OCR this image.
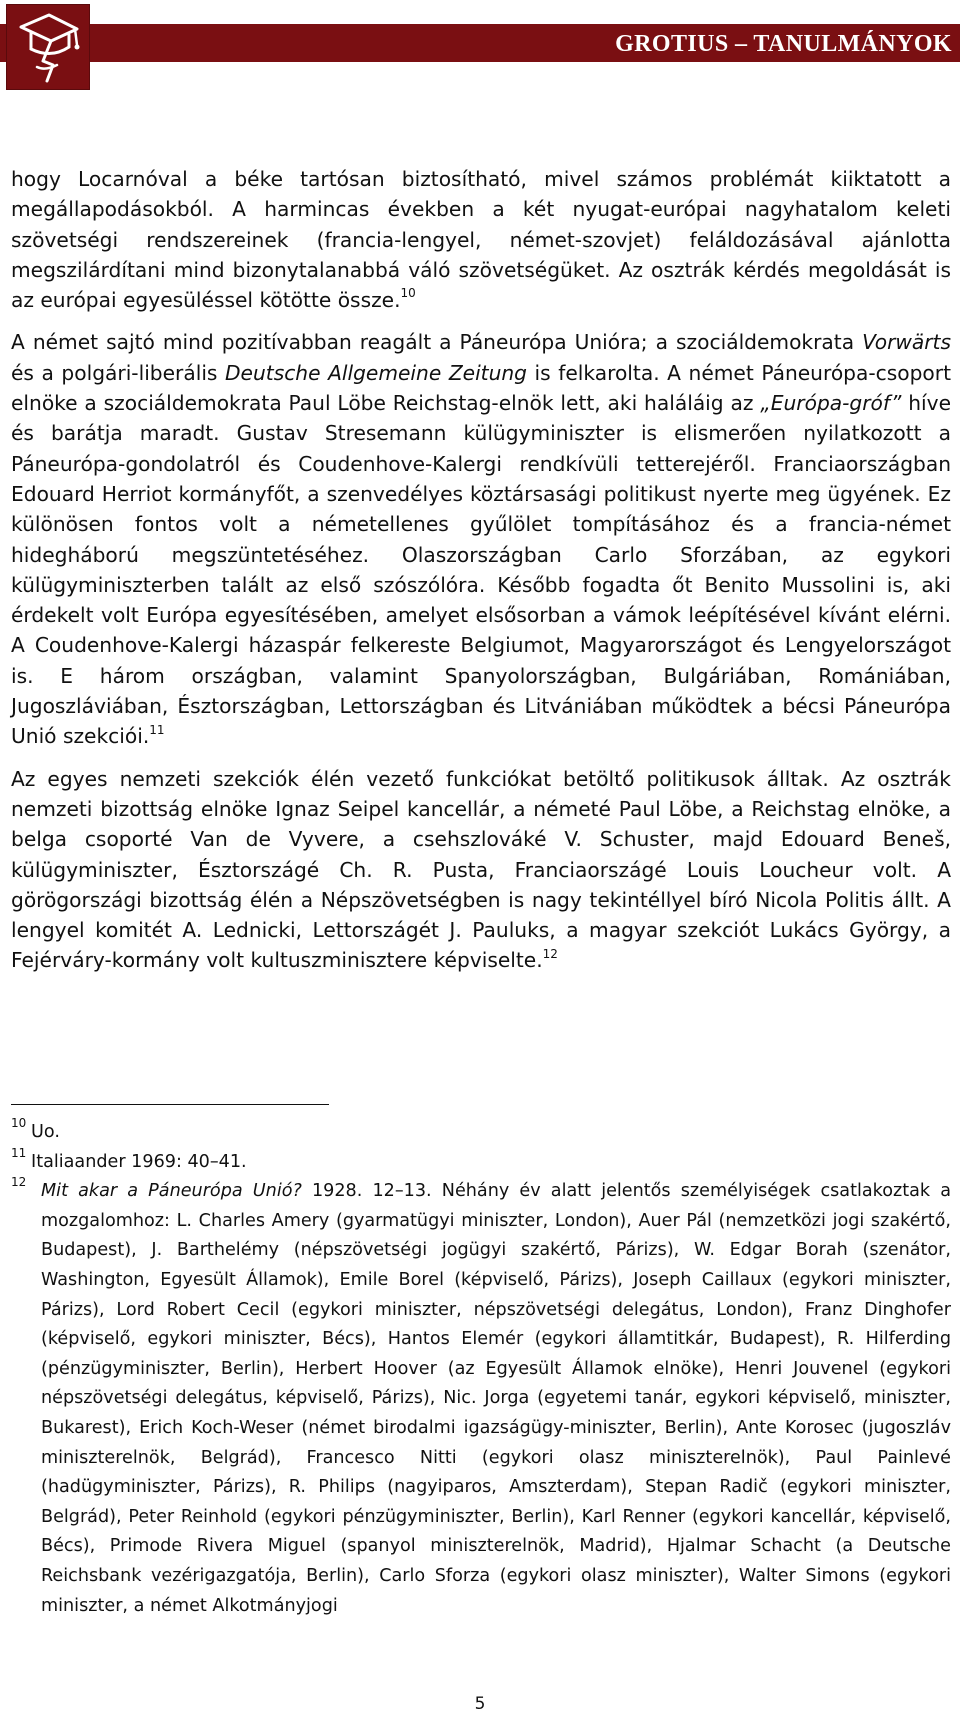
GROTIUS – TANULMÁNYOK

hogy Locarnóval a béke tartósan biztosítható, mivel számos problémát kiiktatott a megállapodásokból. A harmincas években a két nyugat-európai nagyhatalom keleti szövetségi rendszereinek (francia-lengyel, német-szovjet) feláldozásával ajánlotta megszilárdítani mind bizonytalanabbá váló szövetségüket. Az osztrák kérdés megoldását is az európai egyesüléssel kötötte össze.$^{10}$

A német sajtó mind pozitívabban reagált a Páneurópa Unióra; a szociáldemokrata Vorwärts és a polgári-liberális Deutsche Allgemeine Zeitung is felkarolta. A német Páneurópa-csoport elnöke a szociáldemokrata Paul Löbe Reichstag-elnök lett, aki haláláig az „Európa-gróf” híve és barátja maradt. Gustav Stresemann külügyminiszter is elismerően nyilatkozott a Páneurópa-gondolatról és Coudenhove-Kalergi rendkívüli tetterejéről. Franciaországban Edouard Herriot kormányfőt, a szenvedélyes köztársasági politikust nyerte meg ügyének. Ez különösen fontos volt a németellenes gyűlölet tompításához és a francia-német hidegháború megszüntetéséhez. Olaszországban Carlo Sforzában, az egykori külügyminiszterben talált az első szószólóra. Később fogadta őt Benito Mussolini is, aki érdekelt volt Európa egyesítésében, amelyet elsősorban a vámok leépítésével kívánt elérni. A Coudenhove-Kalergi házaspár felkereste Belgiumot, Magyarországot és Lengyelországot is. E három országban, valamint Spanyolországban, Bulgáriában, Romániában, Jugoszláviában, Észtországban, Lettországban és Litvániában működtek a bécsi Páneurópa Unió szekciói.$^{11}$

Az egyes nemzeti szekciók élén vezető funkciókat betöltő politikusok álltak. Az osztrák nemzeti bizottság elnöke Ignaz Seipel kancellár, a németé Paul Löbe, a Reichstag elnöke, a belga csoporté Van de Vyvere, a csehszlováké V. Schuster, majd Edouard Beneš, külügyminiszter, Észtországé Ch. R. Pusta, Franciaországé Louis Loucheur volt. A görögországi bizottság élén a Népszövetségben is nagy tekintéllyel bíró Nicola Politis állt. A lengyel komitét A. Lednicki, Lettországét J. Pauluks, a magyar szekciót Lukács György, a Fejérváry-kormány volt kultuszminisztere képviselte.$^{12}$

10 Uo.
11 Italiaander 1969: 40–41.
12 Mit akar a Páneurópa Unió? 1928. 12–13. Néhány év alatt jelentős személyiségek csatlakoztak a mozgalomhoz: L. Charles Amery (gyarmatügyi miniszter, London), Auer Pál (nemzetközi jogi szakértő, Budapest), J. Barthelémy (népszövetségi jogügyi szakértő, Párizs), W. Edgar Borah (szenátor, Washington, Egyesült Államok), Emile Borel (képviselő, Párizs), Joseph Caillaux (egykori miniszter, Párizs), Lord Robert Cecil (egykori miniszter, népszövetségi delegátus, London), Franz Dinghofer (képviselő, egykori miniszter, Bécs), Hantos Elemér (egykori államtitkár, Budapest), R. Hilferding (pénzügyminiszter, Berlin), Herbert Hoover (az Egyesült Államok elnöke), Henri Jouvenel (egykori népszövetségi delegátus, képviselő, Párizs), Nic. Jorga (egyetemi tanár, egykori képviselő, miniszter, Bukarest), Erich Koch-Weser (német birodalmi igazságügy-miniszter, Berlin), Ante Korosec (jugoszláv miniszterelnök, Belgrád), Francesco Nitti (egykori olasz miniszterelnök), Paul Painlevé (hadügyminiszter, Párizs), R. Philips (nagyiparos, Amszterdam), Stepan Radič (egykori miniszter, Belgrád), Peter Reinhold (egykori pénzügyminiszter, Berlin), Karl Renner (egykori kancellár, képviselő, Bécs), Primode Rivera Miguel (spanyol miniszterelnök, Madrid), Hjalmar Schacht (a Deutsche Reichsbank vezérigazgatója, Berlin), Carlo Sforza (egykori olasz miniszter), Walter Simons (egykori miniszter, a német Alkotmányjogi
5
